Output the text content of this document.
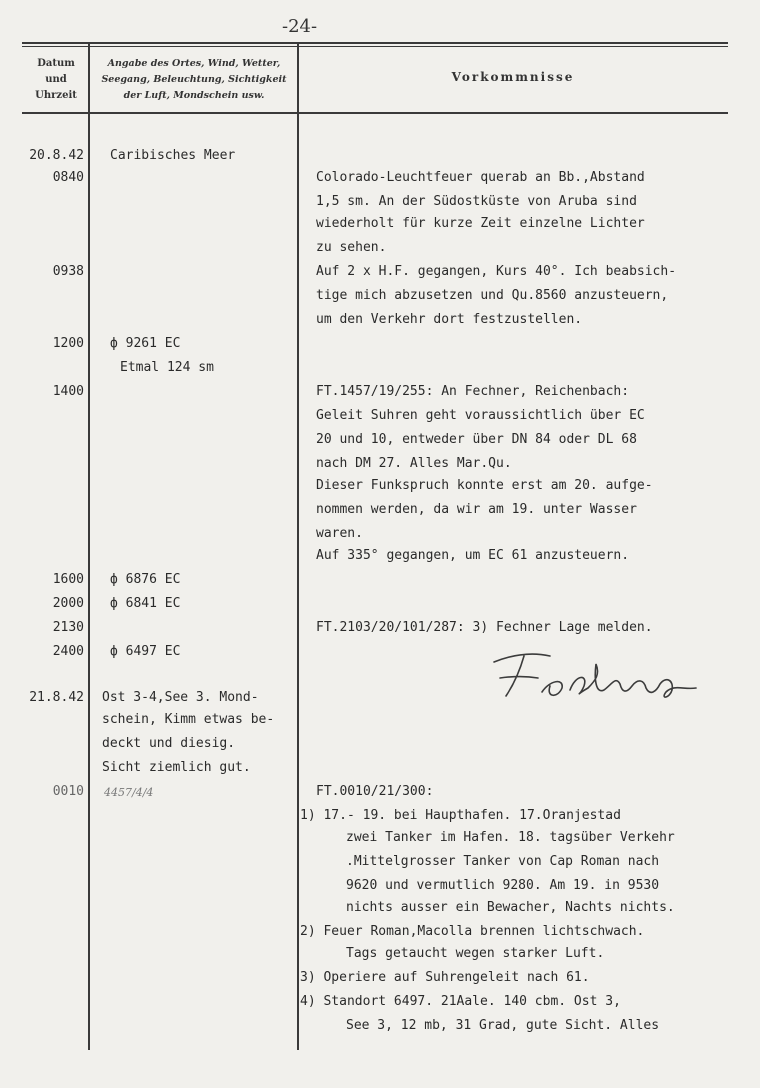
-24-
Datum
und
Uhrzeit
Angabe des Ortes, Wind, Wetter,
Seegang, Beleuchtung, Sichtigkeit
der Luft, Mondschein usw.
Vorkommnisse
20.8.42
0840
0938
1200
1400
1600
2000
2130
2400
21.8.42
0010
Caribisches Meer
ф 9261 EC
Etmal 124 sm
ф 6876 EC
ф 6841 EC
ф 6497 EC
Ost 3-4,See 3. Mond-
schein, Kimm etwas be-
deckt und diesig.
Sicht ziemlich gut.
4457/4/4
Colorado-Leuchtfeuer querab an Bb.,Abstand
1,5 sm. An der Südostküste von Aruba sind
wiederholt für kurze Zeit einzelne Lichter
zu sehen.
Auf 2 x H.F. gegangen, Kurs 40°. Ich beabsich-
tige mich abzusetzen und Qu.8560 anzusteuern,
um den Verkehr dort festzustellen.
FT.1457/19/255: An Fechner, Reichenbach:
Geleit Suhren geht voraussichtlich über EC
20 und 10, entweder über DN 84 oder DL 68
nach DM 27. Alles Mar.Qu.
Dieser Funkspruch konnte erst am 20. aufge-
nommen werden, da wir am 19. unter Wasser
waren.
Auf 335° gegangen, um EC 61 anzusteuern.
FT.2103/20/101/287: 3) Fechner Lage melden.
FT.0010/21/300:
1) 17.- 19. bei Haupthafen. 17.Oranjestad
zwei Tanker im Hafen. 18. tagsüber Verkehr
.Mittelgrosser Tanker von Cap Roman nach
9620 und vermutlich 9280. Am 19. in 9530
nichts ausser ein Bewacher, Nachts nichts.
2) Feuer Roman,Macolla brennen lichtschwach.
Tags getaucht wegen starker Luft.
3) Operiere auf Suhrengeleit nach 61.
4) Standort 6497. 21Aale. 140 cbm. Ost 3,
See 3, 12 mb, 31 Grad, gute Sicht. Alles
